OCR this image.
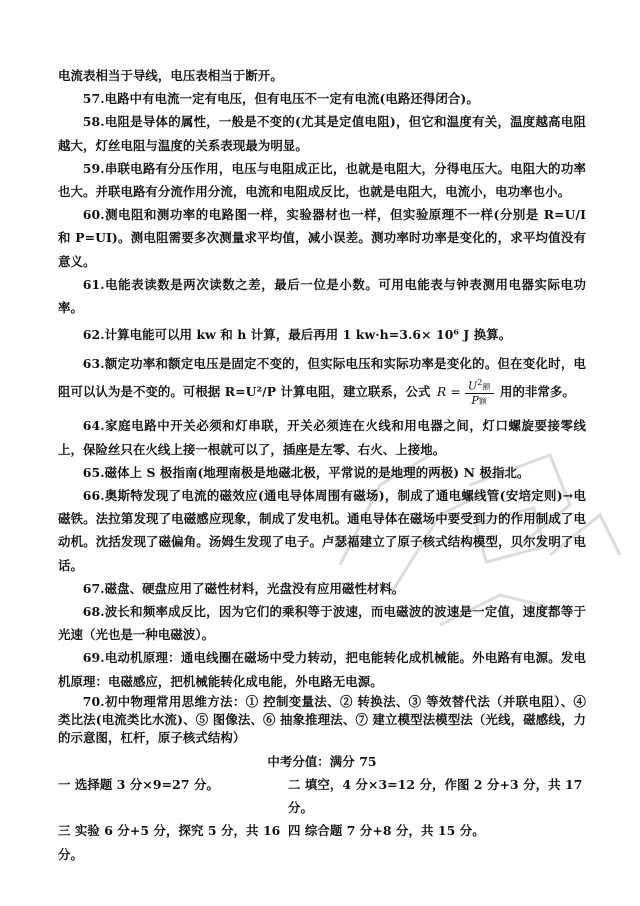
电流表相当于导线，电压表相当于断开。
57.电路中有电流一定有电压，但有电压不一定有电流(电路还得闭合)。
58.电阻是导体的属性，一般是不变的(尤其是定值电阻)，但它和温度有关，温度越高电阻越大，灯丝电阻与温度的关系表现最为明显。
59.串联电路有分压作用，电压与电阻成正比，也就是电阻大，分得电压大。电阻大的功率也大。并联电路有分流作用分流，电流和电阻成反比，也就是电阻大，电流小，电功率也小。
60.测电阻和测功率的电路图一样，实验器材也一样，但实验原理不一样(分别是 R=U/I 和 P=UI)。测电阻需要多次测量求平均值，减小误差。测功率时功率是变化的，求平均值没有意义。
61.电能表读数是两次读数之差，最后一位是小数。可用电能表与钟表测用电器实际电功率。
62.计算电能可以用 kw 和 h 计算，最后再用 1 kw·h=3.6× 10⁶ J 换算。
63.额定功率和额定电压是固定不变的，但实际电压和实际功率是变化的。但在变化时，电阻可以认为是不变的。可根据 R=U²/P 计算电阻，建立联系，公式 $R = \frac{U^2额}{\text{P额}}$ 用的非常多。
64.家庭电路中开关必须和灯串联，开关必须连在火线和用电器之间，灯口螺旋要接零线上，保险丝只在火线上接一根就可以了，插座是左零、右火、上接地。
65.磁体上 S 极指南(地理南极是地磁北极，平常说的是地理的两极) N 极指北。
66.奥斯特发现了电流的磁效应(通电导体周围有磁场)，制成了通电螺线管(安培定则)→电磁铁。法拉第发现了电磁感应现象，制成了发电机。通电导体在磁场中要受到力的作用制成了电动机。沈括发现了磁偏角。汤姆生发现了电子。卢瑟福建立了原子核式结构模型，贝尔发明了电话。
67.磁盘、硬盘应用了磁性材料，光盘没有应用磁性材料。
68.波长和频率成反比，因为它们的乘积等于波速，而电磁波的波速是一定值，速度都等于光速（光也是一种电磁波）。
69.电动机原理：通电线圈在磁场中受力转动，把电能转化成机械能。外电路有电源。发电机原理：电磁感应，把机械能转化成电能，外电路无电源。
70.初中物理常用思维方法：① 控制变量法、② 转换法、③ 等效替代法（并联电阻）、④ 类比法(电流类比水流)、⑤ 图像法、⑥ 抽象推理法、⑦ 建立模型法模型法（光线，磁感线，力的示意图，杠杆，原子核式结构）
中考分值：满分 75
一 选择题 3 分×9=27 分。	二 填空，4 分×3=12 分，作图 2 分+3 分，共 17 分。
三 实验 6 分+5 分，探究 5 分，共 16 分。
四 综合题 7 分+8 分，共 15 分。
